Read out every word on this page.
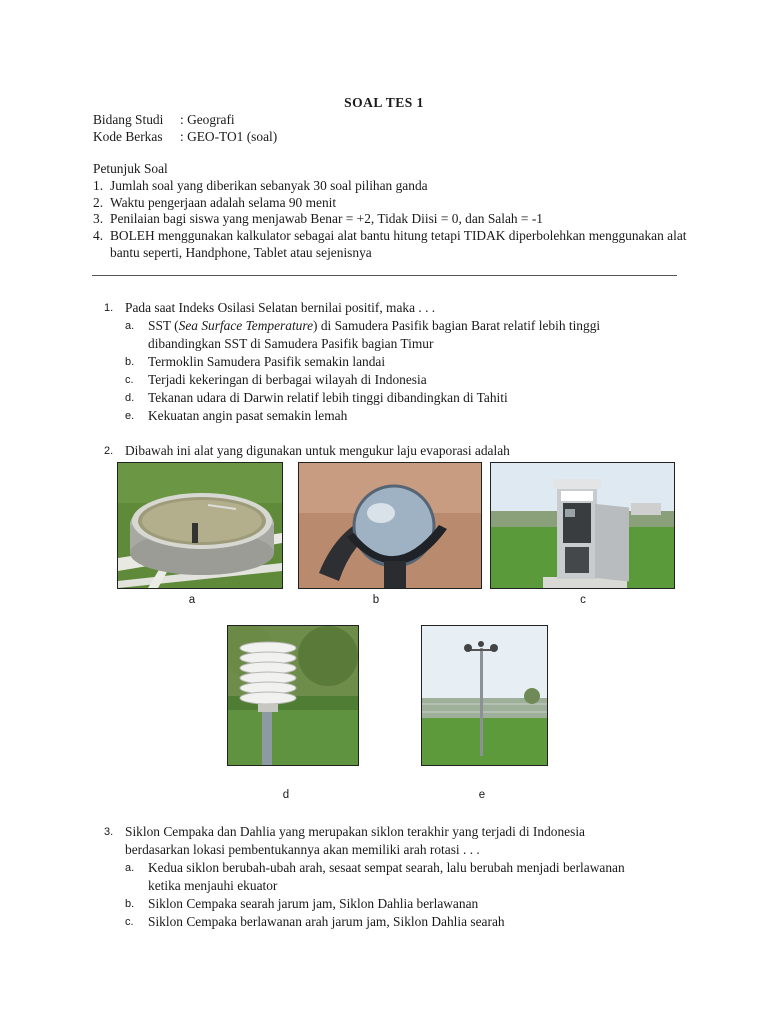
SOAL TES 1
Bidang Studi : Geografi
Kode Berkas : GEO-TO1 (soal)
Petunjuk Soal
1. Jumlah soal yang diberikan sebanyak 30 soal pilihan ganda
2. Waktu pengerjaan adalah selama 90 menit
3. Penilaian bagi siswa yang menjawab Benar = +2, Tidak Diisi = 0, dan Salah = -1
4. BOLEH menggunakan kalkulator sebagai alat bantu hitung tetapi TIDAK diperbolehkan menggunakan alat bantu seperti, Handphone, Tablet atau sejenisnya
1. Pada saat Indeks Osilasi Selatan bernilai positif, maka . . .
a. SST (Sea Surface Temperature) di Samudera Pasifik bagian Barat relatif lebih tinggi dibandingkan SST di Samudera Pasifik bagian Timur
b. Termoklin Samudera Pasifik semakin landai
c. Terjadi kekeringan di berbagai wilayah di Indonesia
d. Tekanan udara di Darwin relatif lebih tinggi dibandingkan di Tahiti
e. Kekuatan angin pasat semakin lemah
2. Dibawah ini alat yang digunakan untuk mengukur laju evaporasi adalah
a	b	c
d	e
3. Siklon Cempaka dan Dahlia yang merupakan siklon terakhir yang terjadi di Indonesia berdasarkan lokasi pembentukannya akan memiliki arah rotasi . . .
a. Kedua siklon berubah-ubah arah, sesaat sempat searah, lalu berubah menjadi berlawanan ketika menjauhi ekuator
b. Siklon Cempaka searah jarum jam, Siklon Dahlia berlawanan
c. Siklon Cempaka berlawanan arah jarum jam, Siklon Dahlia searah
